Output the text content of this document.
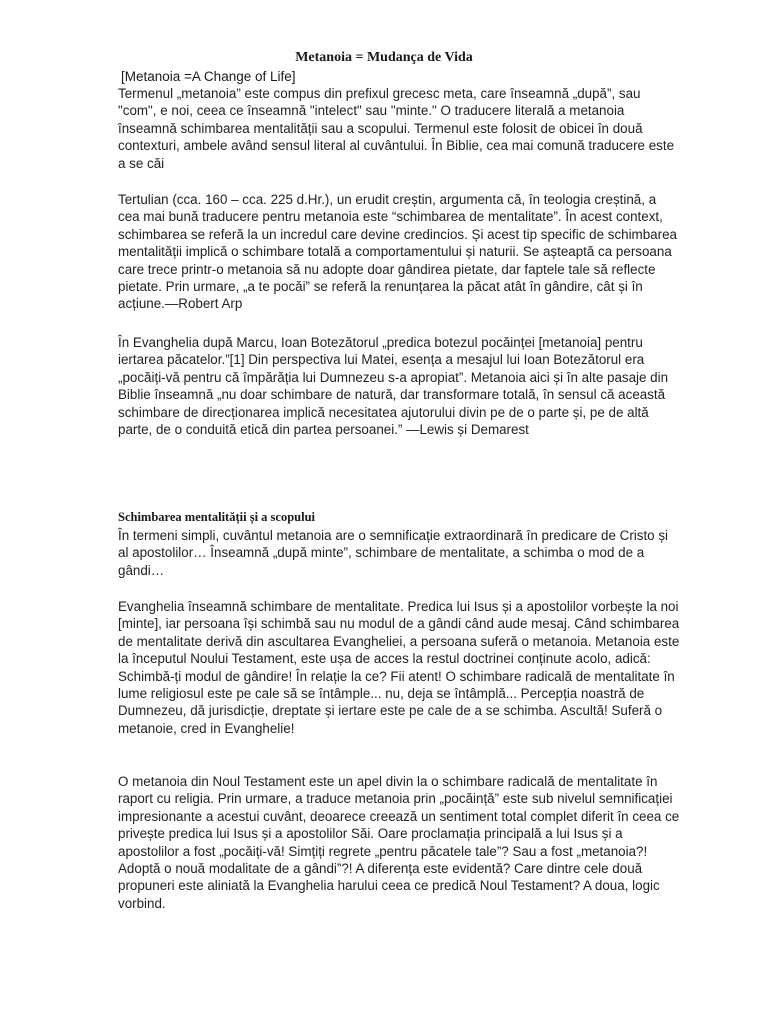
Metanoia = Mudança de Vida

[Metanoia =A Change of Life]

Termenul „metanoia” este compus din prefixul grecesc meta, care înseamnă „după”, sau "com", e noi, ceea ce înseamnă "intelect" sau "minte." O traducere literală a metanoia înseamnă schimbarea mentalității sau a scopului. Termenul este folosit de obicei în două contexturi, ambele având sensul literal al cuvântului. În Biblie, cea mai comună traducere este a se căi

Tertulian (cca. 160 – cca. 225 d.Hr.), un erudit creștin, argumenta că, în teologia creștină, a cea mai bună traducere pentru metanoia este “schimbarea de mentalitate”. În acest context, schimbarea se referă la un incredul care devine credincios. Și acest tip specific de schimbarea mentalității implică o schimbare totală a comportamentului și naturii. Se așteaptă ca persoana care trece printr-o metanoia să nu adopte doar gândirea pietate, dar faptele tale să reflecte pietate. Prin urmare, „a te pocăi” se referă la renunțarea la păcat atât în gândire, cât și în acțiune.—Robert Arp

În Evanghelia după Marcu, Ioan Botezătorul „predica botezul pocăinței [metanoia] pentru iertarea păcatelor.”[1] Din perspectiva lui Matei, esența a mesajul lui Ioan Botezătorul era „pocăiți-vă pentru că împărăția lui Dumnezeu s-a apropiat”. Metanoia aici și în alte pasaje din Biblie înseamnă „nu doar schimbare de natură, dar transformare totală, în sensul că această schimbare de direcționarea implică necesitatea ajutorului divin pe de o parte și, pe de altă parte, de o conduită etică din partea persoanei.” —Lewis și Demarest

Schimbarea mentalității și a scopului

În termeni simpli, cuvântul metanoia are o semnificație extraordinară în predicare de Cristo și al apostolilor… Înseamnă „după minte”, schimbare de mentalitate, a schimba o mod de a gândi…

Evanghelia înseamnă schimbare de mentalitate. Predica lui Isus și a apostolilor vorbește la noi [minte], iar persoana își schimbă sau nu modul de a gândi când aude mesaj. Când schimbarea de mentalitate derivă din ascultarea Evangheliei, a persoana suferă o metanoia. Metanoia este la începutul Noului Testament, este ușa de acces la restul doctrinei conținute acolo, adică: Schimbă-ți modul de gândire! În relație la ce? Fii atent! O schimbare radicală de mentalitate în lume religiosul este pe cale să se întâmple... nu, deja se întâmplă... Percepția noastră de Dumnezeu, dă jurisdicție, dreptate și iertare este pe cale de a se schimba. Ascultă! Suferă o metanoie, cred in Evanghelie!

O metanoia din Noul Testament este un apel divin la o schimbare radicală de mentalitate în raport cu religia. Prin urmare, a traduce metanoia prin „pocăință” este sub nivelul semnificației impresionante a acestui cuvânt, deoarece creează un sentiment total complet diferit în ceea ce privește predica lui Isus și a apostolilor Săi. Oare proclamația principală a lui Isus și a apostolilor a fost „pocăiți-vă! Simțiți regrete „pentru păcatele tale”? Sau a fost „metanoia?! Adoptă o nouă modalitate de a gândi”?! A diferența este evidentă? Care dintre cele două propuneri este aliniată la Evanghelia harului ceea ce predică Noul Testament? A doua, logic vorbind.
